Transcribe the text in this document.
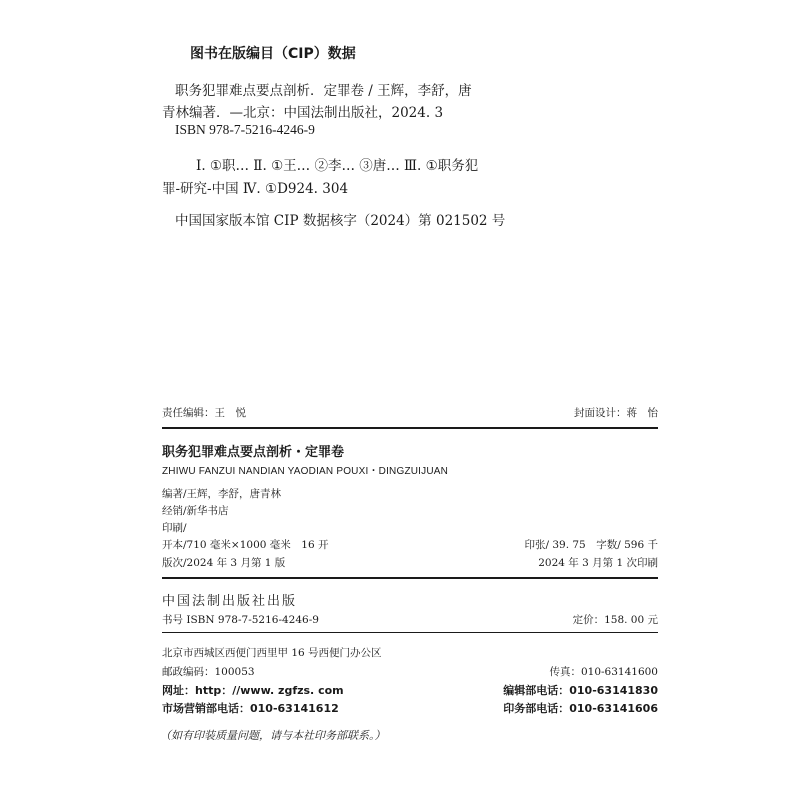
图书在版编目（CIP）数据
职务犯罪难点要点剖析．定罪卷 / 王辉，李舒，唐
青林编著．—北京：中国法制出版社，2024. 3
ISBN 978-7-5216-4246-9
Ⅰ. ①职… Ⅱ. ①王… ②李… ③唐… Ⅲ. ①职务犯
罪-研究-中国 Ⅳ. ①D924. 304
中国国家版本馆 CIP 数据核字（2024）第 021502 号
责任编辑：王　悦	封面设计：蒋　怡
职务犯罪难点要点剖析・定罪卷
ZHIWU FANZUI NANDIAN YAODIAN POUXI・DINGZUIJUAN
编著/王辉，李舒，唐青林
经销/新华书店
印刷/
开本/710 毫米×1000 毫米　16 开	印张/ 39. 75　字数/ 596 千
版次/2024 年 3 月第 1 版	2024 年 3 月第 1 次印刷
中国法制出版社出版
书号 ISBN 978-7-5216-4246-9	定价：158. 00 元
北京市西城区西便门西里甲 16 号西便门办公区
邮政编码：100053	传真：010-63141600
网址：http：//www. zgfzs. com	编辑部电话：010-63141830
市场营销部电话：010-63141612	印务部电话：010-63141606
（如有印装质量问题，请与本社印务部联系。）
